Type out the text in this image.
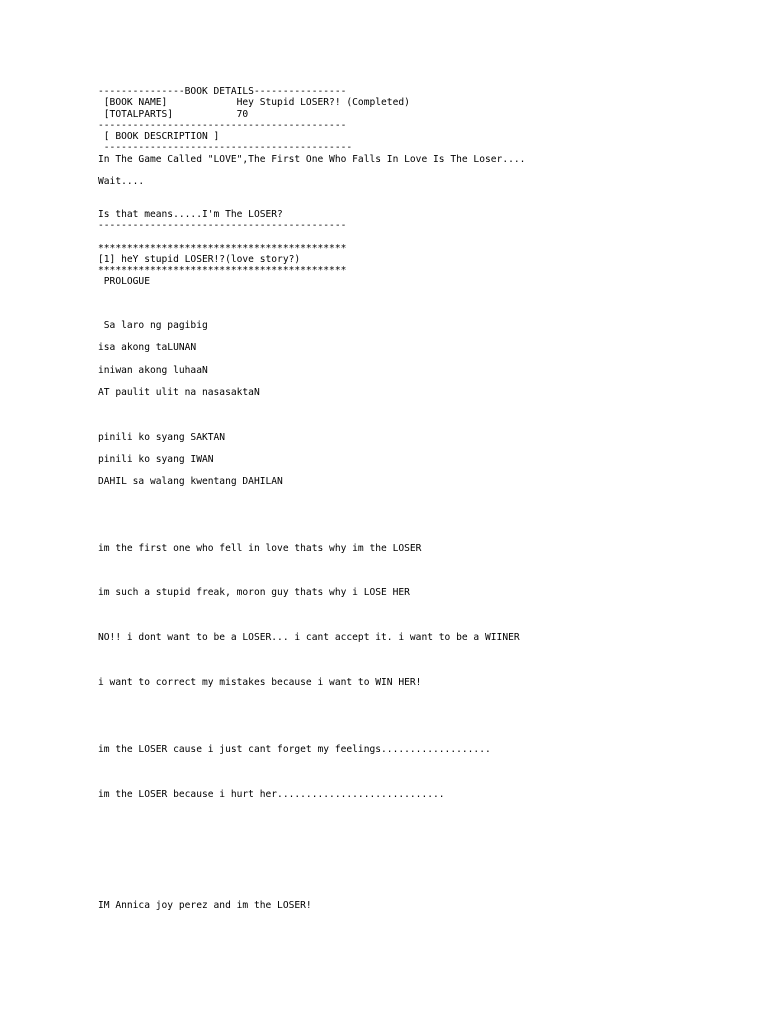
---------------BOOK DETAILS----------------

[BOOK NAME]            Hey Stupid LOSER?! (Completed)

[TOTALPARTS]           70

-------------------------------------------

[ BOOK DESCRIPTION ]

-------------------------------------------

In The Game Called "LOVE",The First One Who Falls In Love Is The Loser....

Wait....

Is that means.....I'm The LOSER?

-------------------------------------------

*******************************************

[1] heY stupid LOSER!?(love story?)

*******************************************

PROLOGUE

Sa laro ng pagibig

isa akong taLUNAN

iniwan akong luhaaN

AT paulit ulit na nasasaktaN

pinili ko syang SAKTAN

pinili ko syang IWAN

DAHIL sa walang kwentang DAHILAN

im the first one who fell in love thats why im the LOSER

im such a stupid freak, moron guy thats why i LOSE HER

NO!! i dont want to be a LOSER... i cant accept it. i want to be a WIINER

i want to correct my mistakes because i want to WIN HER!

im the LOSER cause i just cant forget my feelings...................

im the LOSER because i hurt her.............................

IM Annica joy perez and im the LOSER!
